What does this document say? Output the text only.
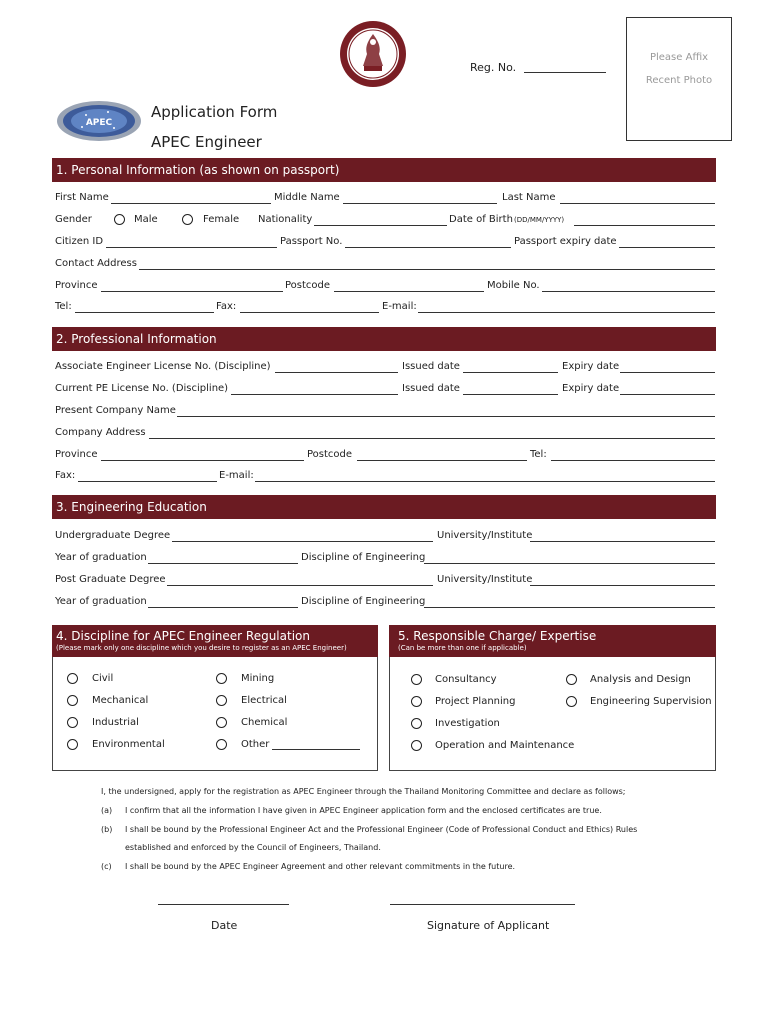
Reg. No.
Please Affix
Recent Photo
APEC
Application Form
APEC Engineer
1. Personal Information (as shown on passport)
First Name	Middle Name	Last Name
Gender	Male	Female Nationality	Date of Birth (DD/MM/YYYY)
Citizen ID	Passport No.	Passport expiry date
Contact Address
Province	Postcode	Mobile No.
Tel:	Fax:	E-mail:
2. Professional Information
Associate Engineer License No. (Discipline)	Issued date	Expiry date
Current PE License No. (Discipline)	Issued date	Expiry date
Present Company Name
Company Address
Province	Postcode	Tel:
Fax:	E-mail:
3. Engineering Education
Undergraduate Degree	University/Institute
Year of graduation	Discipline of Engineering
Post Graduate Degree	University/Institute
Year of graduation	Discipline of Engineering
4. Discipline for APEC Engineer Regulation
(Please mark only one discipline which you desire to register as an APEC Engineer)
Civil	Mining
Mechanical	Electrical
Industrial	Chemical
Environmental	Other
5. Responsible Charge/ Expertise
(Can be more than one if applicable)
Consultancy	Analysis and Design
Project Planning	Engineering Supervision
Investigation
Operation and Maintenance
I, the undersigned, apply for the registration as APEC Engineer through the Thailand Monitoring Committee and declare as follows;
(a) I confirm that all the information I have given in APEC Engineer application form and the enclosed certificates are true.
(b) I shall be bound by the Professional Engineer Act and the Professional Engineer (Code of Professional Conduct and Ethics) Rules
established and enforced by the Council of Engineers, Thailand.
(c) I shall be bound by the APEC Engineer Agreement and other relevant commitments in the future.
Date	Signature of Applicant
